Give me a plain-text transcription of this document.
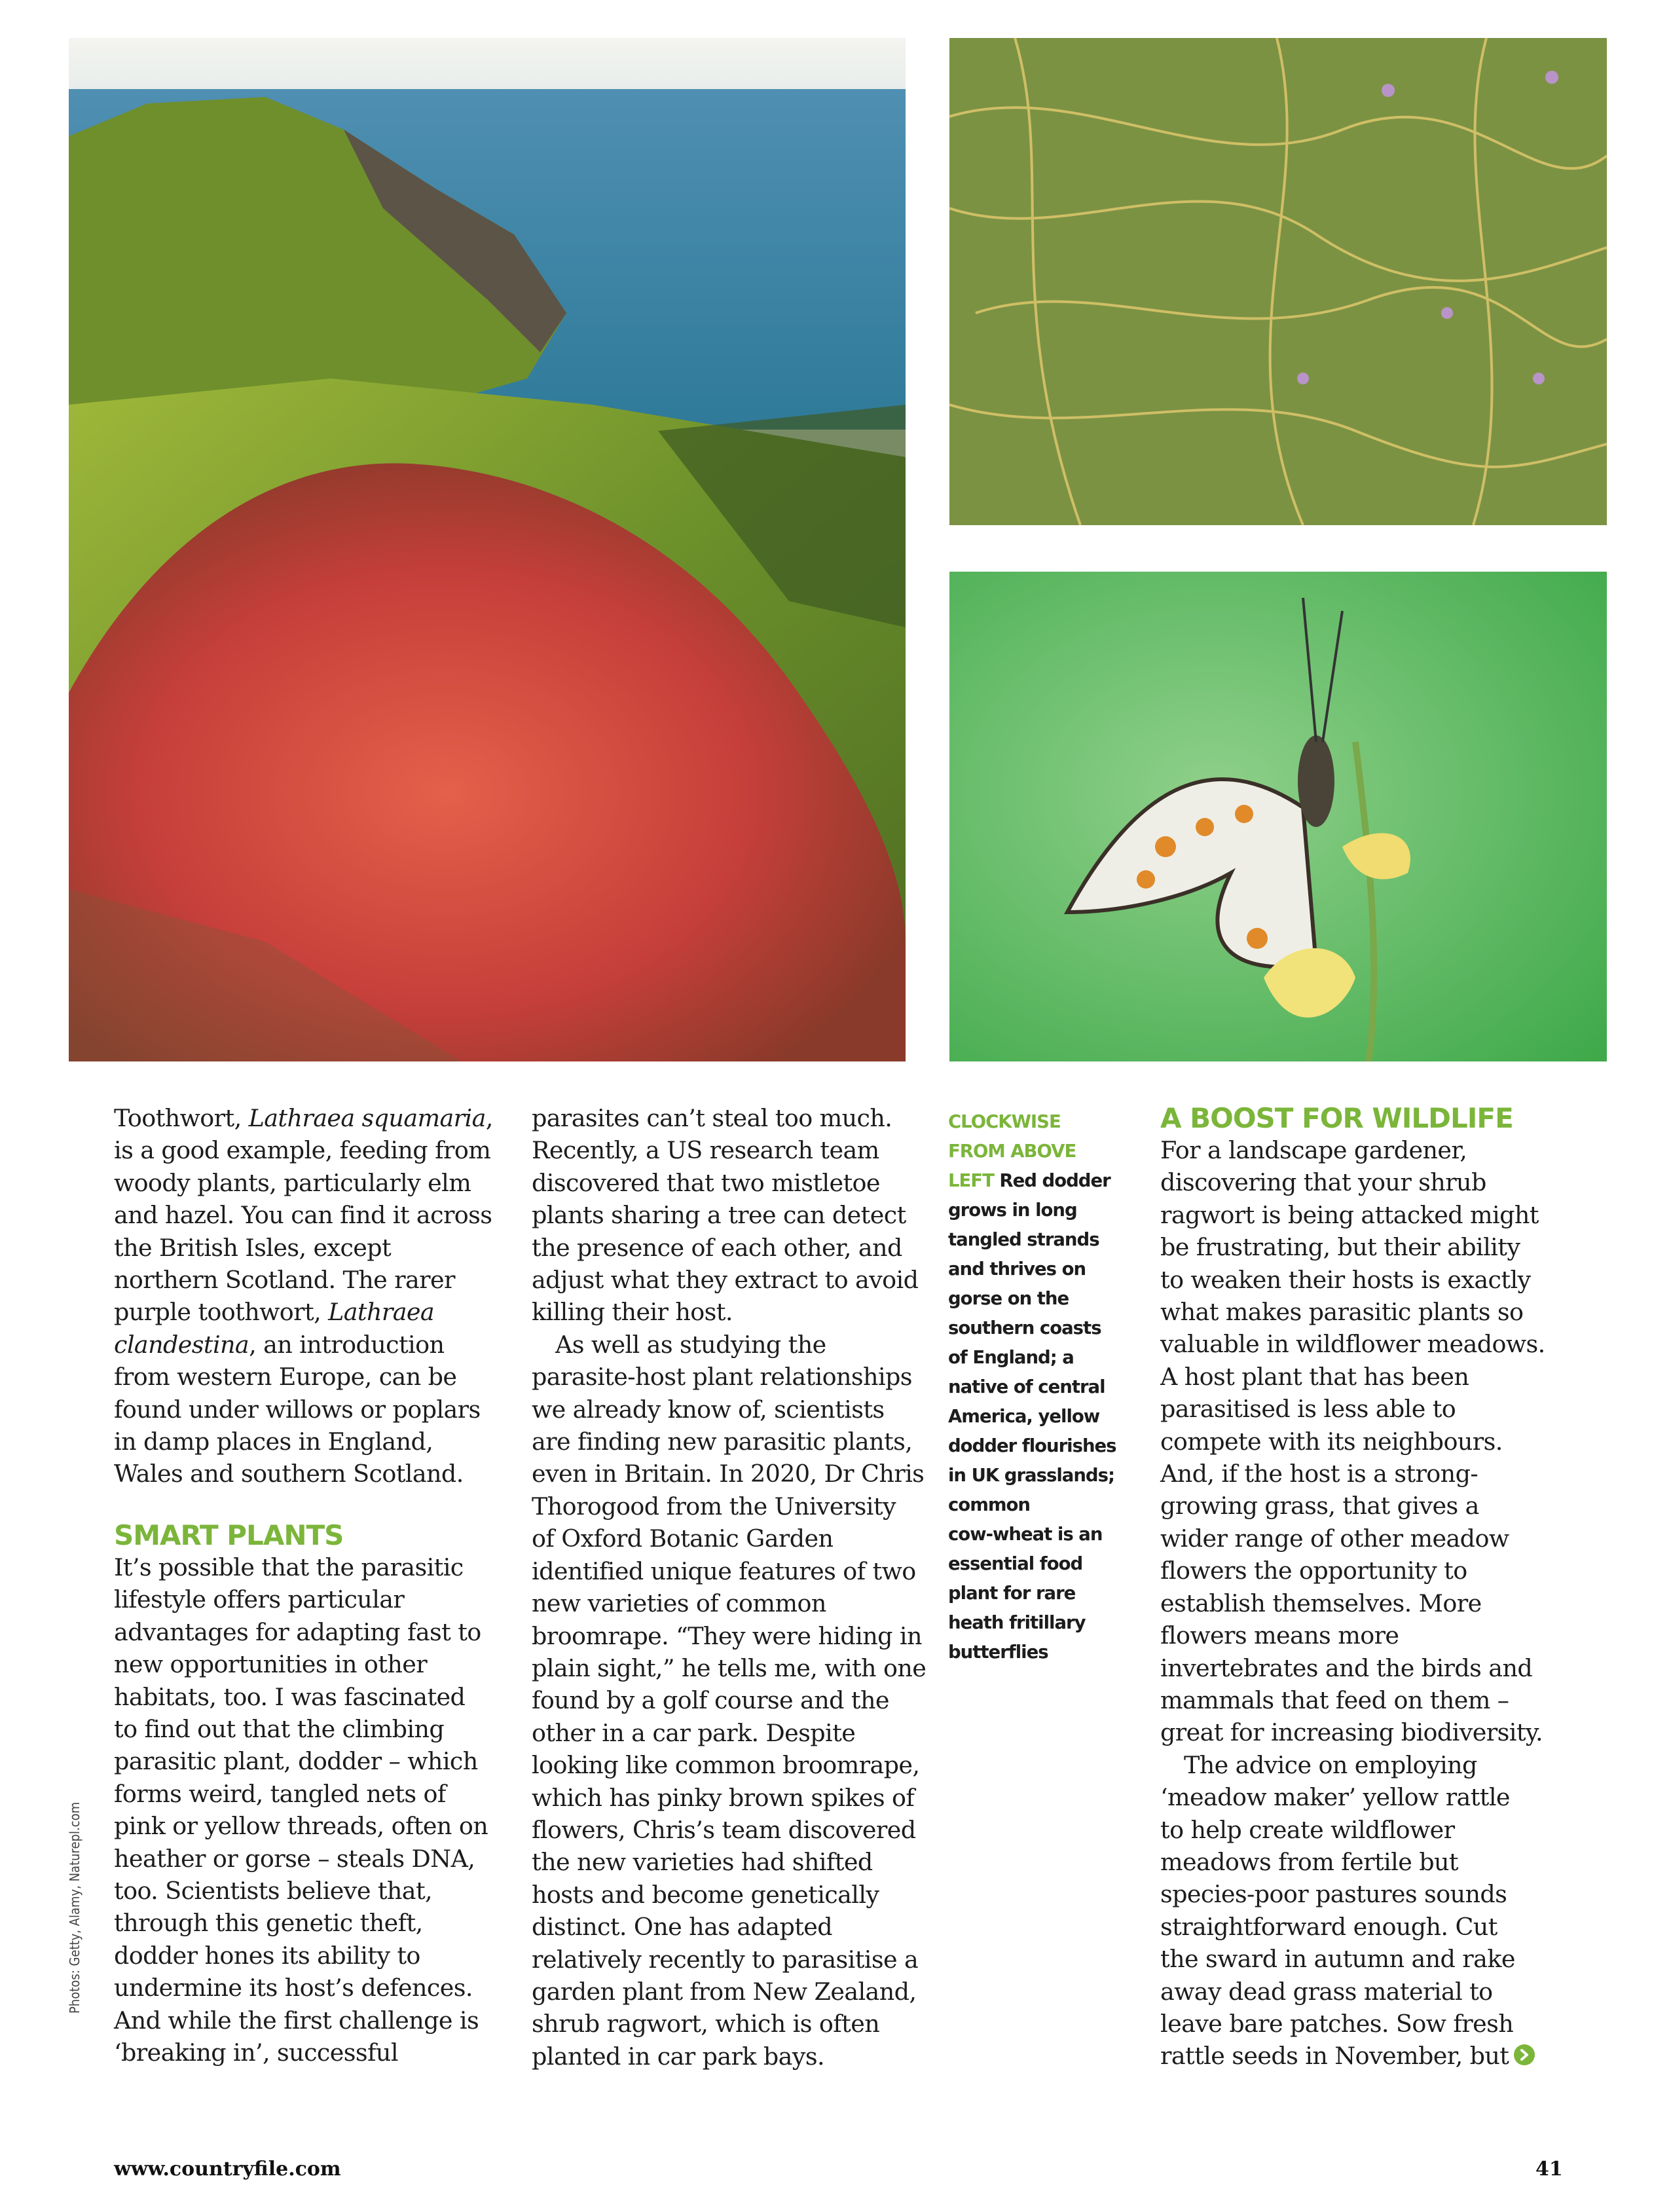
Toothwort, Lathraea squamaria,
is a good example, feeding from
woody plants, particularly elm
and hazel. You can find it across
the British Isles, except
northern Scotland. The rarer
purple toothwort, Lathraea
clandestina, an introduction
from western Europe, can be
found under willows or poplars
in damp places in England,
Wales and southern Scotland.
SMART PLANTS
It’s possible that the parasitic
lifestyle offers particular
advantages for adapting fast to
new opportunities in other
habitats, too. I was fascinated
to find out that the climbing
parasitic plant, dodder – which
forms weird, tangled nets of
pink or yellow threads, often on
heather or gorse – steals DNA,
too. Scientists believe that,
through this genetic theft,
dodder hones its ability to
undermine its host’s defences.
And while the first challenge is
‘breaking in’, successful
parasites can’t steal too much.
Recently, a US research team
discovered that two mistletoe
plants sharing a tree can detect
the presence of each other, and
adjust what they extract to avoid
killing their host.
As well as studying the
parasite-host plant relationships
we already know of, scientists
are finding new parasitic plants,
even in Britain. In 2020, Dr Chris
Thorogood from the University
of Oxford Botanic Garden
identified unique features of two
new varieties of common
broomrape. “They were hiding in
plain sight,” he tells me, with one
found by a golf course and the
other in a car park. Despite
looking like common broomrape,
which has pinky brown spikes of
flowers, Chris’s team discovered
the new varieties had shifted
hosts and become genetically
distinct. One has adapted
relatively recently to parasitise a
garden plant from New Zealand,
shrub ragwort, which is often
planted in car park bays.
CLOCKWISE
FROM ABOVE
LEFT Red dodder
grows in long
tangled strands
and thrives on
gorse on the
southern coasts
of England; a
native of central
America, yellow
dodder flourishes
in UK grasslands;
common
cow-wheat is an
essential food
plant for rare
heath fritillary
butterflies
A BOOST FOR WILDLIFE
For a landscape gardener,
discovering that your shrub
ragwort is being attacked might
be frustrating, but their ability
to weaken their hosts is exactly
what makes parasitic plants so
valuable in wildflower meadows.
A host plant that has been
parasitised is less able to
compete with its neighbours.
And, if the host is a strong-
growing grass, that gives a
wider range of other meadow
flowers the opportunity to
establish themselves. More
flowers means more
invertebrates and the birds and
mammals that feed on them –
great for increasing biodiversity.
The advice on employing
‘meadow maker’ yellow rattle
to help create wildflower
meadows from fertile but
species-poor pastures sounds
straightforward enough. Cut
the sward in autumn and rake
away dead grass material to
leave bare patches. Sow fresh
rattle seeds in November, but
Photos: Getty, Alamy, Naturepl.com
www.countryfile.com	41
